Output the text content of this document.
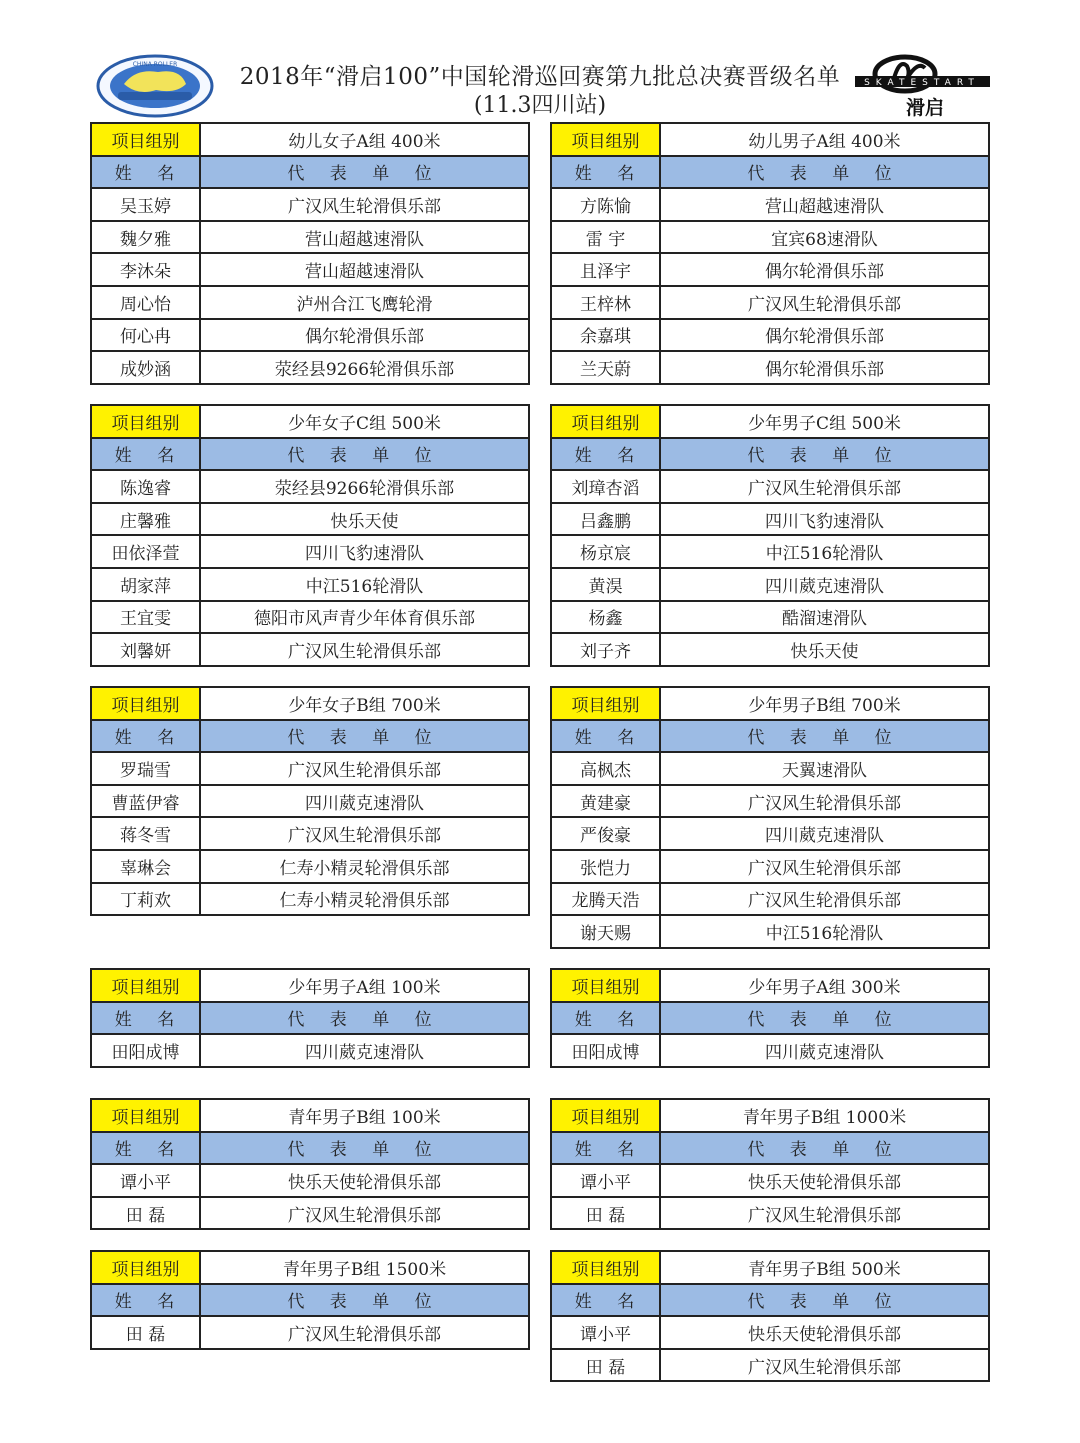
CHINA ROLLER	2018年“滑启100”中国轮滑巡回赛第九批总决赛晋级名单
(11.3四川站)
SKATESTART
滑启
项目组别	幼儿女子A组 400米
姓 名	代 表 单 位
吴玉婷	广汉风生轮滑俱乐部
魏夕雅	营山超越速滑队
李沐朵	营山超越速滑队
周心怡	泸州合江飞鹰轮滑
何心冉	偶尔轮滑俱乐部
成妙涵	荥经县9266轮滑俱乐部
项目组别	幼儿男子A组 400米
姓 名	代 表 单 位
方陈愉	营山超越速滑队
雷 宇	宜宾68速滑队
且泽宇	偶尔轮滑俱乐部
王梓林	广汉风生轮滑俱乐部
余嘉琪	偶尔轮滑俱乐部
兰天蔚	偶尔轮滑俱乐部
项目组别	少年女子C组 500米
姓 名	代 表 单 位
陈逸睿	荥经县9266轮滑俱乐部
庄馨雅	快乐天使
田依泽萱	四川飞豹速滑队
胡家萍	中江516轮滑队
王宜雯	德阳市风声青少年体育俱乐部
刘馨妍	广汉风生轮滑俱乐部
项目组别	少年男子C组 500米
姓 名	代 表 单 位
刘璋杏滔	广汉风生轮滑俱乐部
吕鑫鹏	四川飞豹速滑队
杨京宸	中江516轮滑队
黄淏	四川葳克速滑队
杨鑫	酷溜速滑队
刘子齐	快乐天使
项目组别	少年女子B组 700米
姓 名	代 表 单 位
罗瑞雪	广汉风生轮滑俱乐部
曹蓝伊睿	四川葳克速滑队
蒋冬雪	广汉风生轮滑俱乐部
辜琳会	仁寿小精灵轮滑俱乐部
丁莉欢	仁寿小精灵轮滑俱乐部
项目组别	少年男子B组 700米
姓 名	代 表 单 位
高枫杰	天翼速滑队
黄建豪	广汉风生轮滑俱乐部
严俊豪	四川葳克速滑队
张恺力	广汉风生轮滑俱乐部
龙腾天浩	广汉风生轮滑俱乐部
谢天赐	中江516轮滑队
项目组别	少年男子A组 100米
姓 名	代 表 单 位
田阳成博	四川葳克速滑队
项目组别	少年男子A组 300米
姓 名	代 表 单 位
田阳成博	四川葳克速滑队
项目组别	青年男子B组 100米
姓 名	代 表 单 位
谭小平	快乐天使轮滑俱乐部
田 磊	广汉风生轮滑俱乐部
项目组别	青年男子B组 1000米
姓 名	代 表 单 位
谭小平	快乐天使轮滑俱乐部
田 磊	广汉风生轮滑俱乐部
项目组别	青年男子B组 1500米
姓 名	代 表 单 位
田 磊	广汉风生轮滑俱乐部
项目组别	青年男子B组 500米
姓 名	代 表 单 位
谭小平	快乐天使轮滑俱乐部
田 磊	广汉风生轮滑俱乐部
